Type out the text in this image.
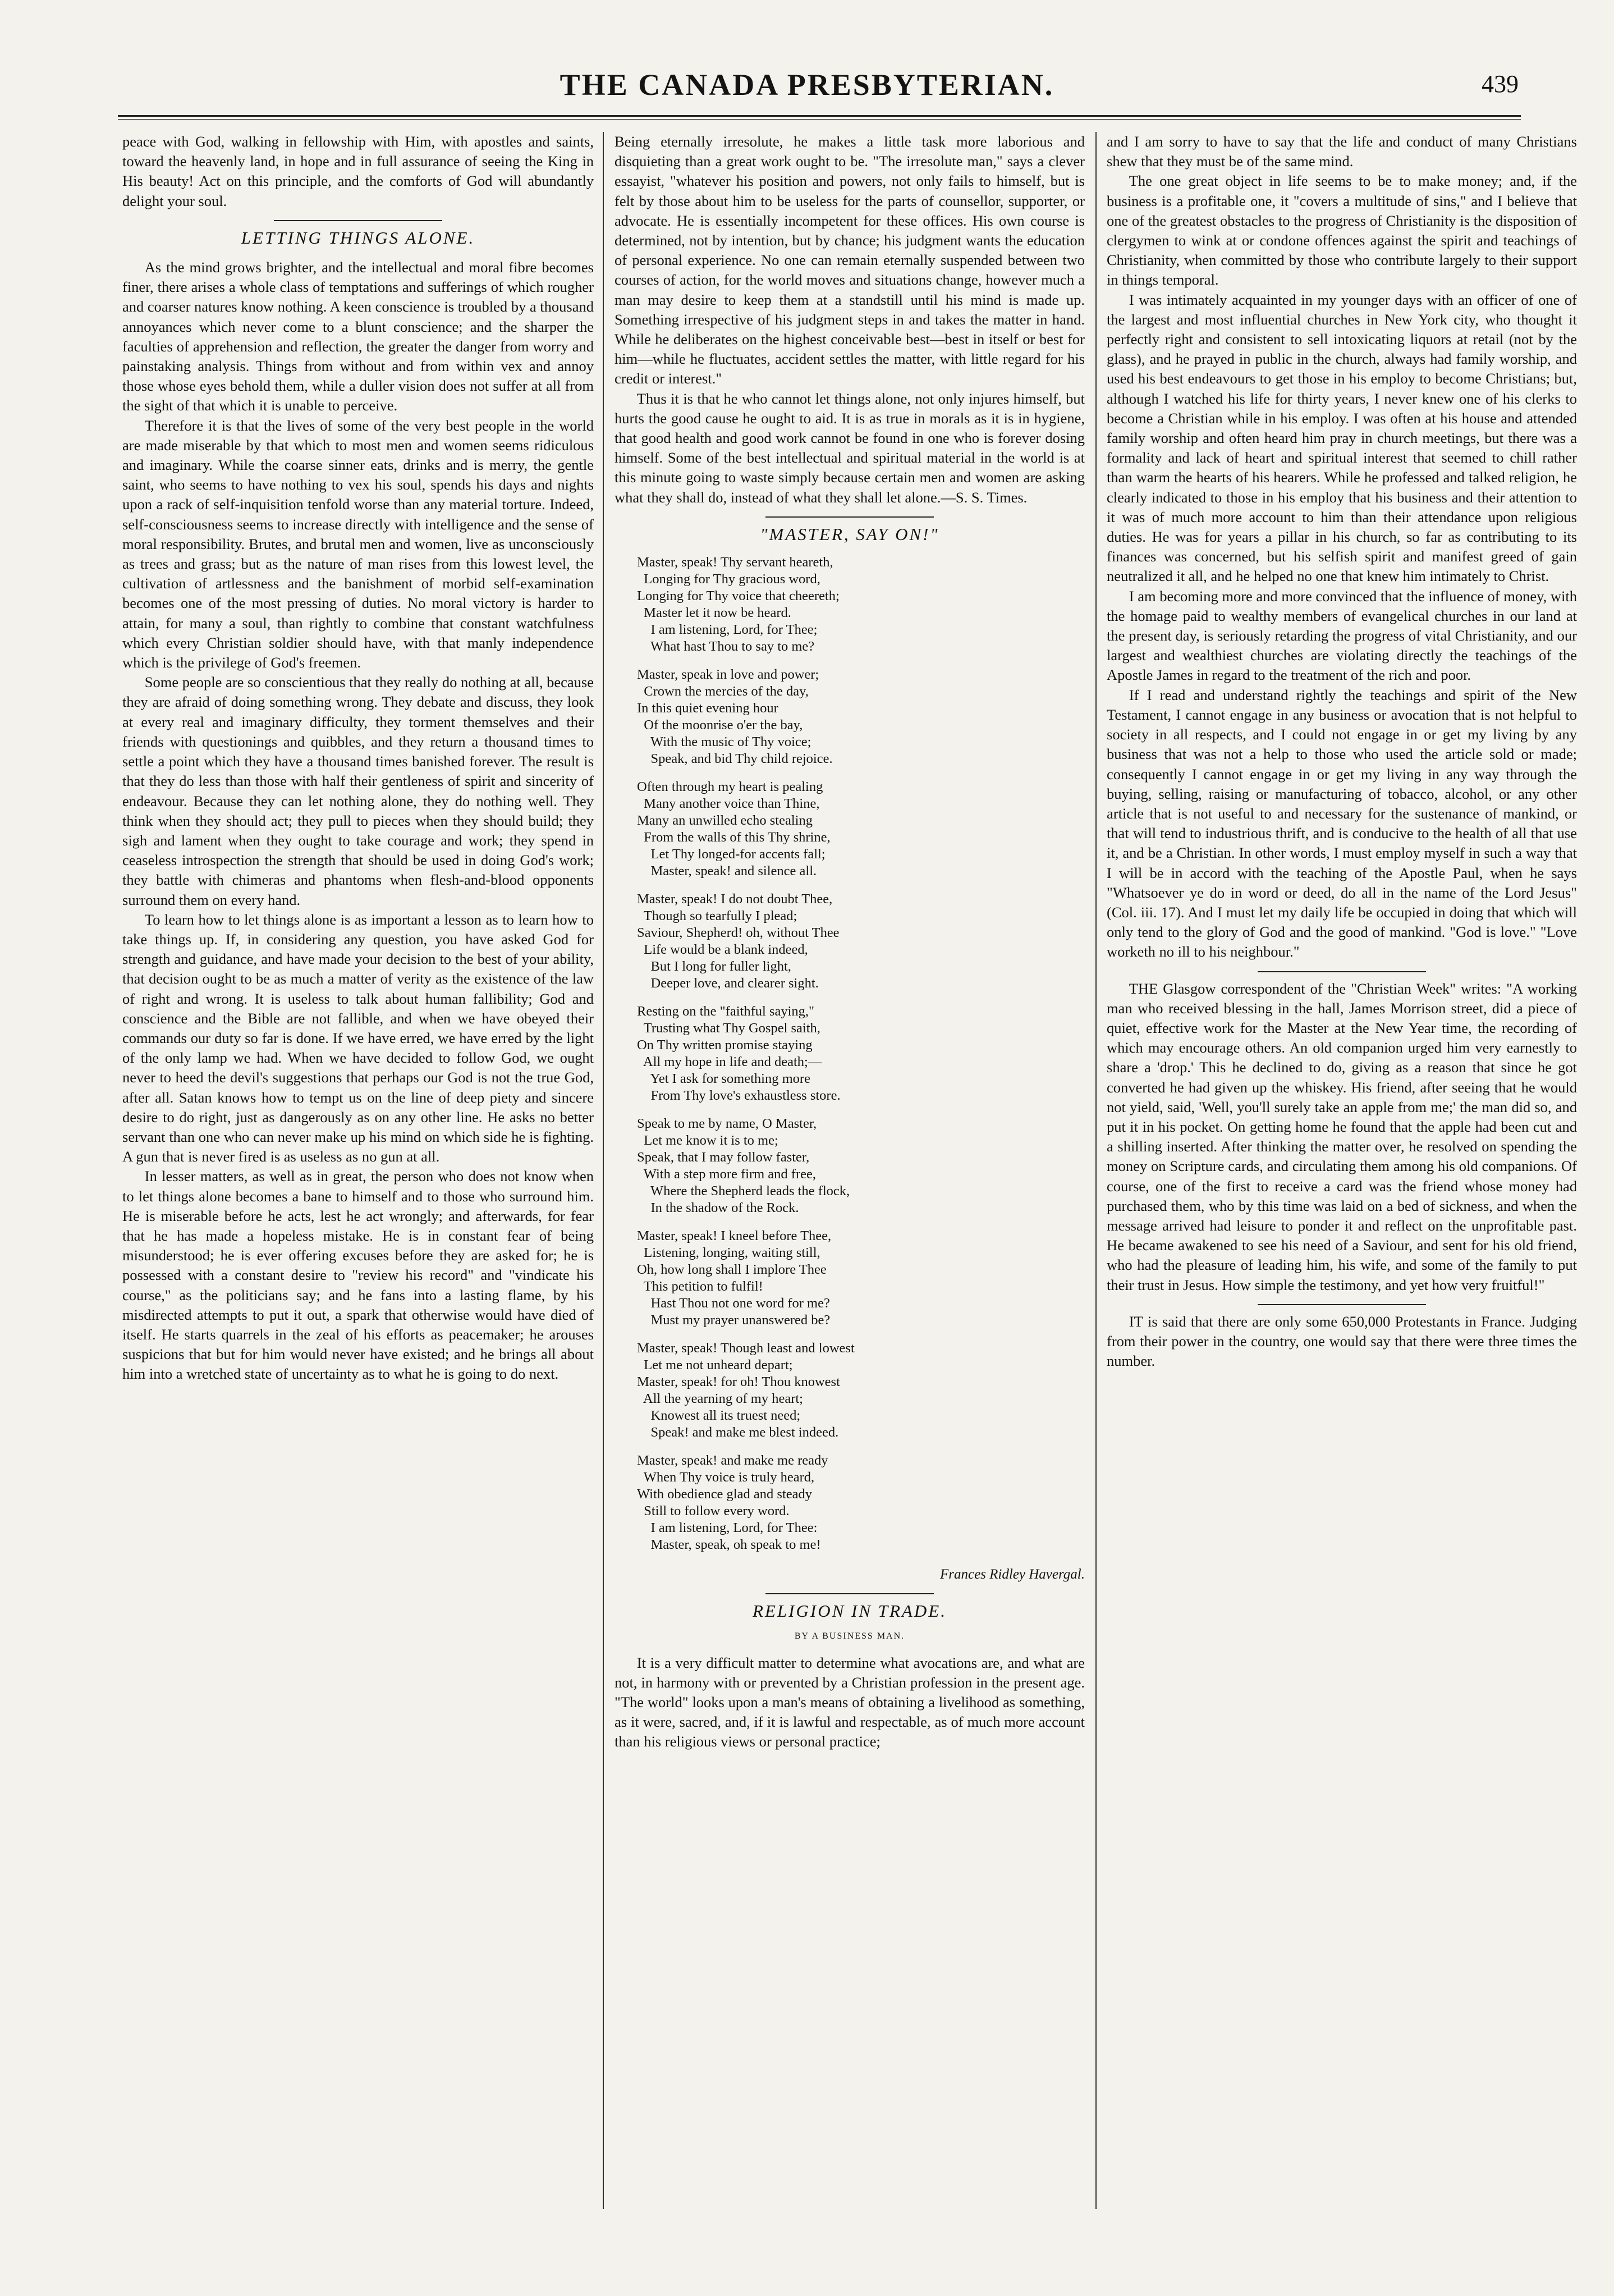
THE CANADA PRESBYTERIAN.	439

peace with God, walking in fellowship with Him, with apostles and saints, toward the heavenly land, in hope and in full assurance of seeing the King in His beauty! Act on this principle, and the comforts of God will abundantly delight your soul.

LETTING THINGS ALONE.

As the mind grows brighter, and the intellectual and moral fibre becomes finer, there arises a whole class of temptations and sufferings of which rougher and coarser natures know nothing. A keen conscience is troubled by a thousand annoyances which never come to a blunt conscience; and the sharper the faculties of apprehension and reflection, the greater the danger from worry and painstaking analysis. Things from without and from within vex and annoy those whose eyes behold them, while a duller vision does not suffer at all from the sight of that which it is unable to perceive.

Therefore it is that the lives of some of the very best people in the world are made miserable by that which to most men and women seems ridiculous and imaginary. While the coarse sinner eats, drinks and is merry, the gentle saint, who seems to have nothing to vex his soul, spends his days and nights upon a rack of self-inquisition tenfold worse than any material torture. Indeed, self-consciousness seems to increase directly with intelligence and the sense of moral responsibility. Brutes, and brutal men and women, live as unconsciously as trees and grass; but as the nature of man rises from this lowest level, the cultivation of artlessness and the banishment of morbid self-examination becomes one of the most pressing of duties. No moral victory is harder to attain, for many a soul, than rightly to combine that constant watchfulness which every Christian soldier should have, with that manly independence which is the privilege of God's freemen.

Some people are so conscientious that they really do nothing at all, because they are afraid of doing something wrong. They debate and discuss, they look at every real and imaginary difficulty, they torment themselves and their friends with questionings and quibbles, and they return a thousand times to settle a point which they have a thousand times banished forever. The result is that they do less than those with half their gentleness of spirit and sincerity of endeavour. Because they can let nothing alone, they do nothing well. They think when they should act; they pull to pieces when they should build; they sigh and lament when they ought to take courage and work; they spend in ceaseless introspection the strength that should be used in doing God's work; they battle with chimeras and phantoms when flesh-and-blood opponents surround them on every hand.

To learn how to let things alone is as important a lesson as to learn how to take things up. If, in considering any question, you have asked God for strength and guidance, and have made your decision to the best of your ability, that decision ought to be as much a matter of verity as the existence of the law of right and wrong. It is useless to talk about human fallibility; God and conscience and the Bible are not fallible, and when we have obeyed their commands our duty so far is done. If we have erred, we have erred by the light of the only lamp we had. When we have decided to follow God, we ought never to heed the devil's suggestions that perhaps our God is not the true God, after all. Satan knows how to tempt us on the line of deep piety and sincere desire to do right, just as dangerously as on any other line. He asks no better servant than one who can never make up his mind on which side he is fighting. A gun that is never fired is as useless as no gun at all.

In lesser matters, as well as in great, the person who does not know when to let things alone becomes a bane to himself and to those who surround him. He is miserable before he acts, lest he act wrongly; and afterwards, for fear that he has made a hopeless mistake. He is in constant fear of being misunderstood; he is ever offering excuses before they are asked for; he is possessed with a constant desire to "review his record" and "vindicate his course," as the politicians say; and he fans into a lasting flame, by his misdirected attempts to put it out, a spark that otherwise would have died of itself. He starts quarrels in the zeal of his efforts as peacemaker; he arouses suspicions that but for him would never have existed; and he brings all about him into a wretched state of uncertainty as to what he is going to do next.

Being eternally irresolute, he makes a little task more laborious and disquieting than a great work ought to be. "The irresolute man," says a clever essayist, "whatever his position and powers, not only fails to himself, but is felt by those about him to be useless for the parts of counsellor, supporter, or advocate. He is essentially incompetent for these offices. His own course is determined, not by intention, but by chance; his judgment wants the education of personal experience. No one can remain eternally suspended between two courses of action, for the world moves and situations change, however much a man may desire to keep them at a standstill until his mind is made up. Something irrespective of his judgment steps in and takes the matter in hand. While he deliberates on the highest conceivable best—best in itself or best for him—while he fluctuates, accident settles the matter, with little regard for his credit or interest."

Thus it is that he who cannot let things alone, not only injures himself, but hurts the good cause he ought to aid. It is as true in morals as it is in hygiene, that good health and good work cannot be found in one who is forever dosing himself. Some of the best intellectual and spiritual material in the world is at this minute going to waste simply because certain men and women are asking what they shall do, instead of what they shall let alone.—S. S. Times.

"MASTER, SAY ON!"
Master, speak! Thy servant heareth,
Longing for Thy gracious word,
Longing for Thy voice that cheereth;
Master let it now be heard.
I am listening, Lord, for Thee;
What hast Thou to say to me?
Master, speak in love and power;
Crown the mercies of the day,
In this quiet evening hour
Of the moonrise o'er the bay,
With the music of Thy voice;
Speak, and bid Thy child rejoice.
Often through my heart is pealing
Many another voice than Thine,
Many an unwilled echo stealing
From the walls of this Thy shrine,
Let Thy longed-for accents fall;
Master, speak! and silence all.
Master, speak! I do not doubt Thee,
Though so tearfully I plead;
Saviour, Shepherd! oh, without Thee
Life would be a blank indeed,
But I long for fuller light,
Deeper love, and clearer sight.
Resting on the "faithful saying,"
Trusting what Thy Gospel saith,
On Thy written promise staying
All my hope in life and death;—
Yet I ask for something more
From Thy love's exhaustless store.
Speak to me by name, O Master,
Let me know it is to me;
Speak, that I may follow faster,
With a step more firm and free,
Where the Shepherd leads the flock,
In the shadow of the Rock.
Master, speak! I kneel before Thee,
Listening, longing, waiting still,
Oh, how long shall I implore Thee
This petition to fulfil!
Hast Thou not one word for me?
Must my prayer unanswered be?
Master, speak! Though least and lowest
Let me not unheard depart;
Master, speak! for oh! Thou knowest
All the yearning of my heart;
Knowest all its truest need;
Speak! and make me blest indeed.
Master, speak! and make me ready
When Thy voice is truly heard,
With obedience glad and steady
Still to follow every word.
I am listening, Lord, for Thee:
Master, speak, oh speak to me!
Frances Ridley Havergal.
RELIGION IN TRADE.
BY A BUSINESS MAN.

It is a very difficult matter to determine what avocations are, and what are not, in harmony with or prevented by a Christian profession in the present age. "The world" looks upon a man's means of obtaining a livelihood as something, as it were, sacred, and, if it is lawful and respectable, as of much more account than his religious views or personal practice;

and I am sorry to have to say that the life and conduct of many Christians shew that they must be of the same mind.

The one great object in life seems to be to make money; and, if the business is a profitable one, it "covers a multitude of sins," and I believe that one of the greatest obstacles to the progress of Christianity is the disposition of clergymen to wink at or condone offences against the spirit and teachings of Christianity, when committed by those who contribute largely to their support in things temporal.

I was intimately acquainted in my younger days with an officer of one of the largest and most influential churches in New York city, who thought it perfectly right and consistent to sell intoxicating liquors at retail (not by the glass), and he prayed in public in the church, always had family worship, and used his best endeavours to get those in his employ to become Christians; but, although I watched his life for thirty years, I never knew one of his clerks to become a Christian while in his employ. I was often at his house and attended family worship and often heard him pray in church meetings, but there was a formality and lack of heart and spiritual interest that seemed to chill rather than warm the hearts of his hearers. While he professed and talked religion, he clearly indicated to those in his employ that his business and their attention to it was of much more account to him than their attendance upon religious duties. He was for years a pillar in his church, so far as contributing to its finances was concerned, but his selfish spirit and manifest greed of gain neutralized it all, and he helped no one that knew him intimately to Christ.

I am becoming more and more convinced that the influence of money, with the homage paid to wealthy members of evangelical churches in our land at the present day, is seriously retarding the progress of vital Christianity, and our largest and wealthiest churches are violating directly the teachings of the Apostle James in regard to the treatment of the rich and poor.

If I read and understand rightly the teachings and spirit of the New Testament, I cannot engage in any business or avocation that is not helpful to society in all respects, and I could not engage in or get my living by any business that was not a help to those who used the article sold or made; consequently I cannot engage in or get my living in any way through the buying, selling, raising or manufacturing of tobacco, alcohol, or any other article that is not useful to and necessary for the sustenance of mankind, or that will tend to industrious thrift, and is conducive to the health of all that use it, and be a Christian. In other words, I must employ myself in such a way that I will be in accord with the teaching of the Apostle Paul, when he says "Whatsoever ye do in word or deed, do all in the name of the Lord Jesus" (Col. iii. 17). And I must let my daily life be occupied in doing that which will only tend to the glory of God and the good of mankind. "God is love." "Love worketh no ill to his neighbour."

THE Glasgow correspondent of the "Christian Week" writes: "A working man who received blessing in the hall, James Morrison street, did a piece of quiet, effective work for the Master at the New Year time, the recording of which may encourage others. An old companion urged him very earnestly to share a 'drop.' This he declined to do, giving as a reason that since he got converted he had given up the whiskey. His friend, after seeing that he would not yield, said, 'Well, you'll surely take an apple from me;' the man did so, and put it in his pocket. On getting home he found that the apple had been cut and a shilling inserted. After thinking the matter over, he resolved on spending the money on Scripture cards, and circulating them among his old companions. Of course, one of the first to receive a card was the friend whose money had purchased them, who by this time was laid on a bed of sickness, and when the message arrived had leisure to ponder it and reflect on the unprofitable past. He became awakened to see his need of a Saviour, and sent for his old friend, who had the pleasure of leading him, his wife, and some of the family to put their trust in Jesus. How simple the testimony, and yet how very fruitful!"

IT is said that there are only some 650,000 Protestants in France. Judging from their power in the country, one would say that there were three times the number.
